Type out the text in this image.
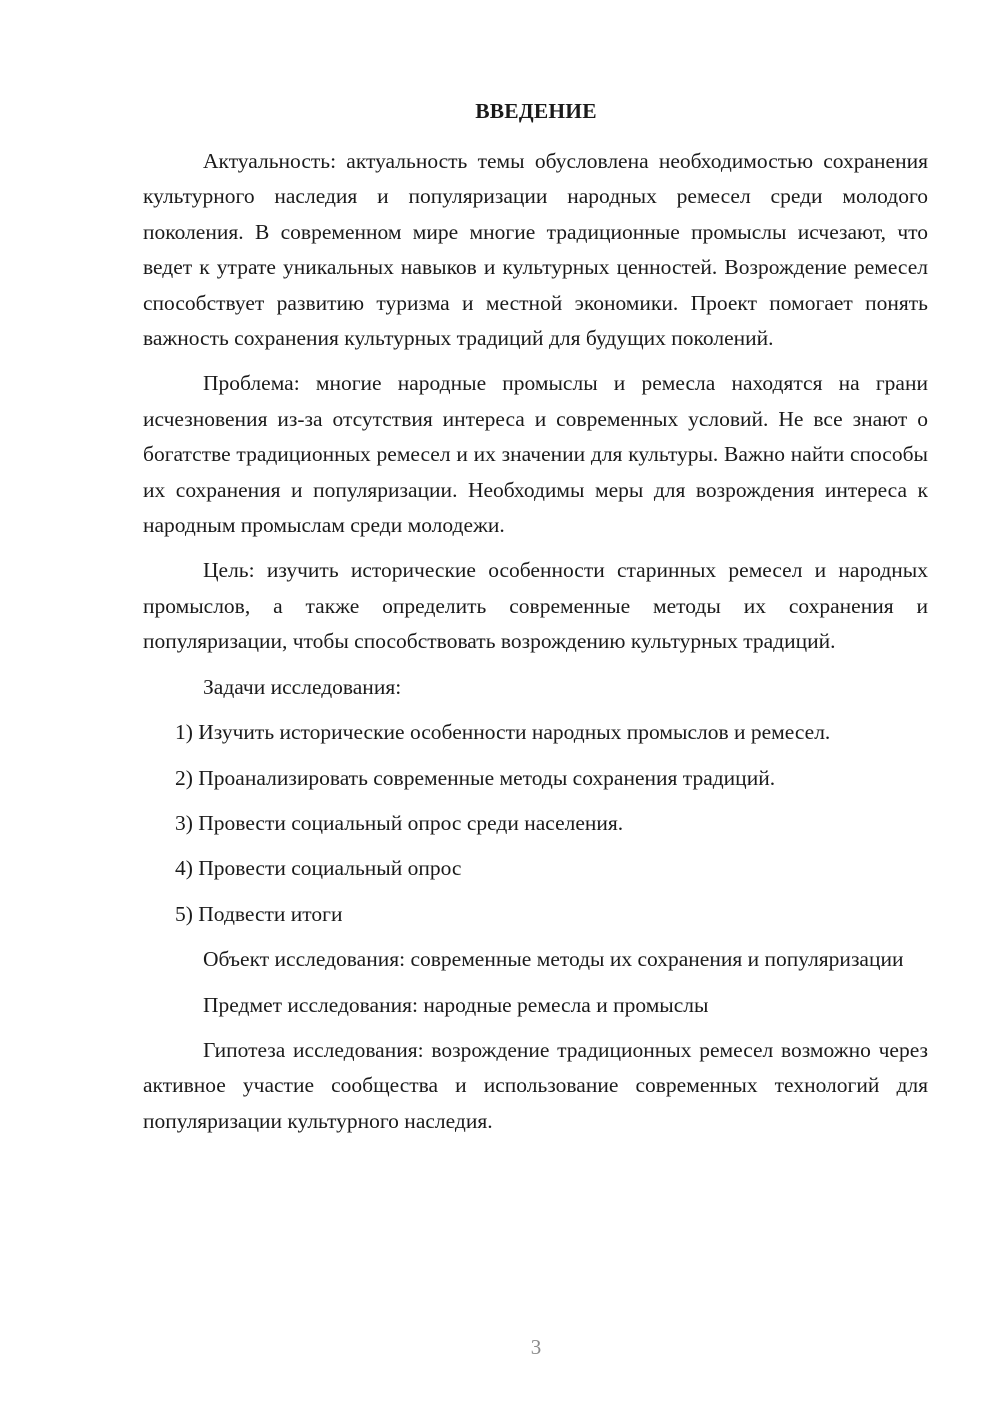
ВВЕДЕНИЕ

Актуальность: актуальность темы обусловлена необходимостью сохранения культурного наследия и популяризации народных ремесел среди молодого поколения. В современном мире многие традиционные промыслы исчезают, что ведет к утрате уникальных навыков и культурных ценностей. Возрождение ремесел способствует развитию туризма и местной экономики. Проект помогает понять важность сохранения культурных традиций для будущих поколений.

Проблема: многие народные промыслы и ремесла находятся на грани исчезновения из-за отсутствия интереса и современных условий. Не все знают о богатстве традиционных ремесел и их значении для культуры. Важно найти способы их сохранения и популяризации. Необходимы меры для возрождения интереса к народным промыслам среди молодежи.

Цель: изучить исторические особенности старинных ремесел и народных промыслов, а также определить современные методы их сохранения и популяризации, чтобы способствовать возрождению культурных традиций.

Задачи исследования:

1) Изучить исторические особенности народных промыслов и ремесел.
2) Проанализировать современные методы сохранения традиций.
3) Провести социальный опрос среди населения.
4) Провести социальный опрос
5) Подвести итоги

Объект исследования: современные методы их сохранения и популяризации

Предмет исследования: народные ремесла и промыслы

Гипотеза исследования: возрождение традиционных ремесел возможно через активное участие сообщества и использование современных технологий для популяризации культурного наследия.

3
